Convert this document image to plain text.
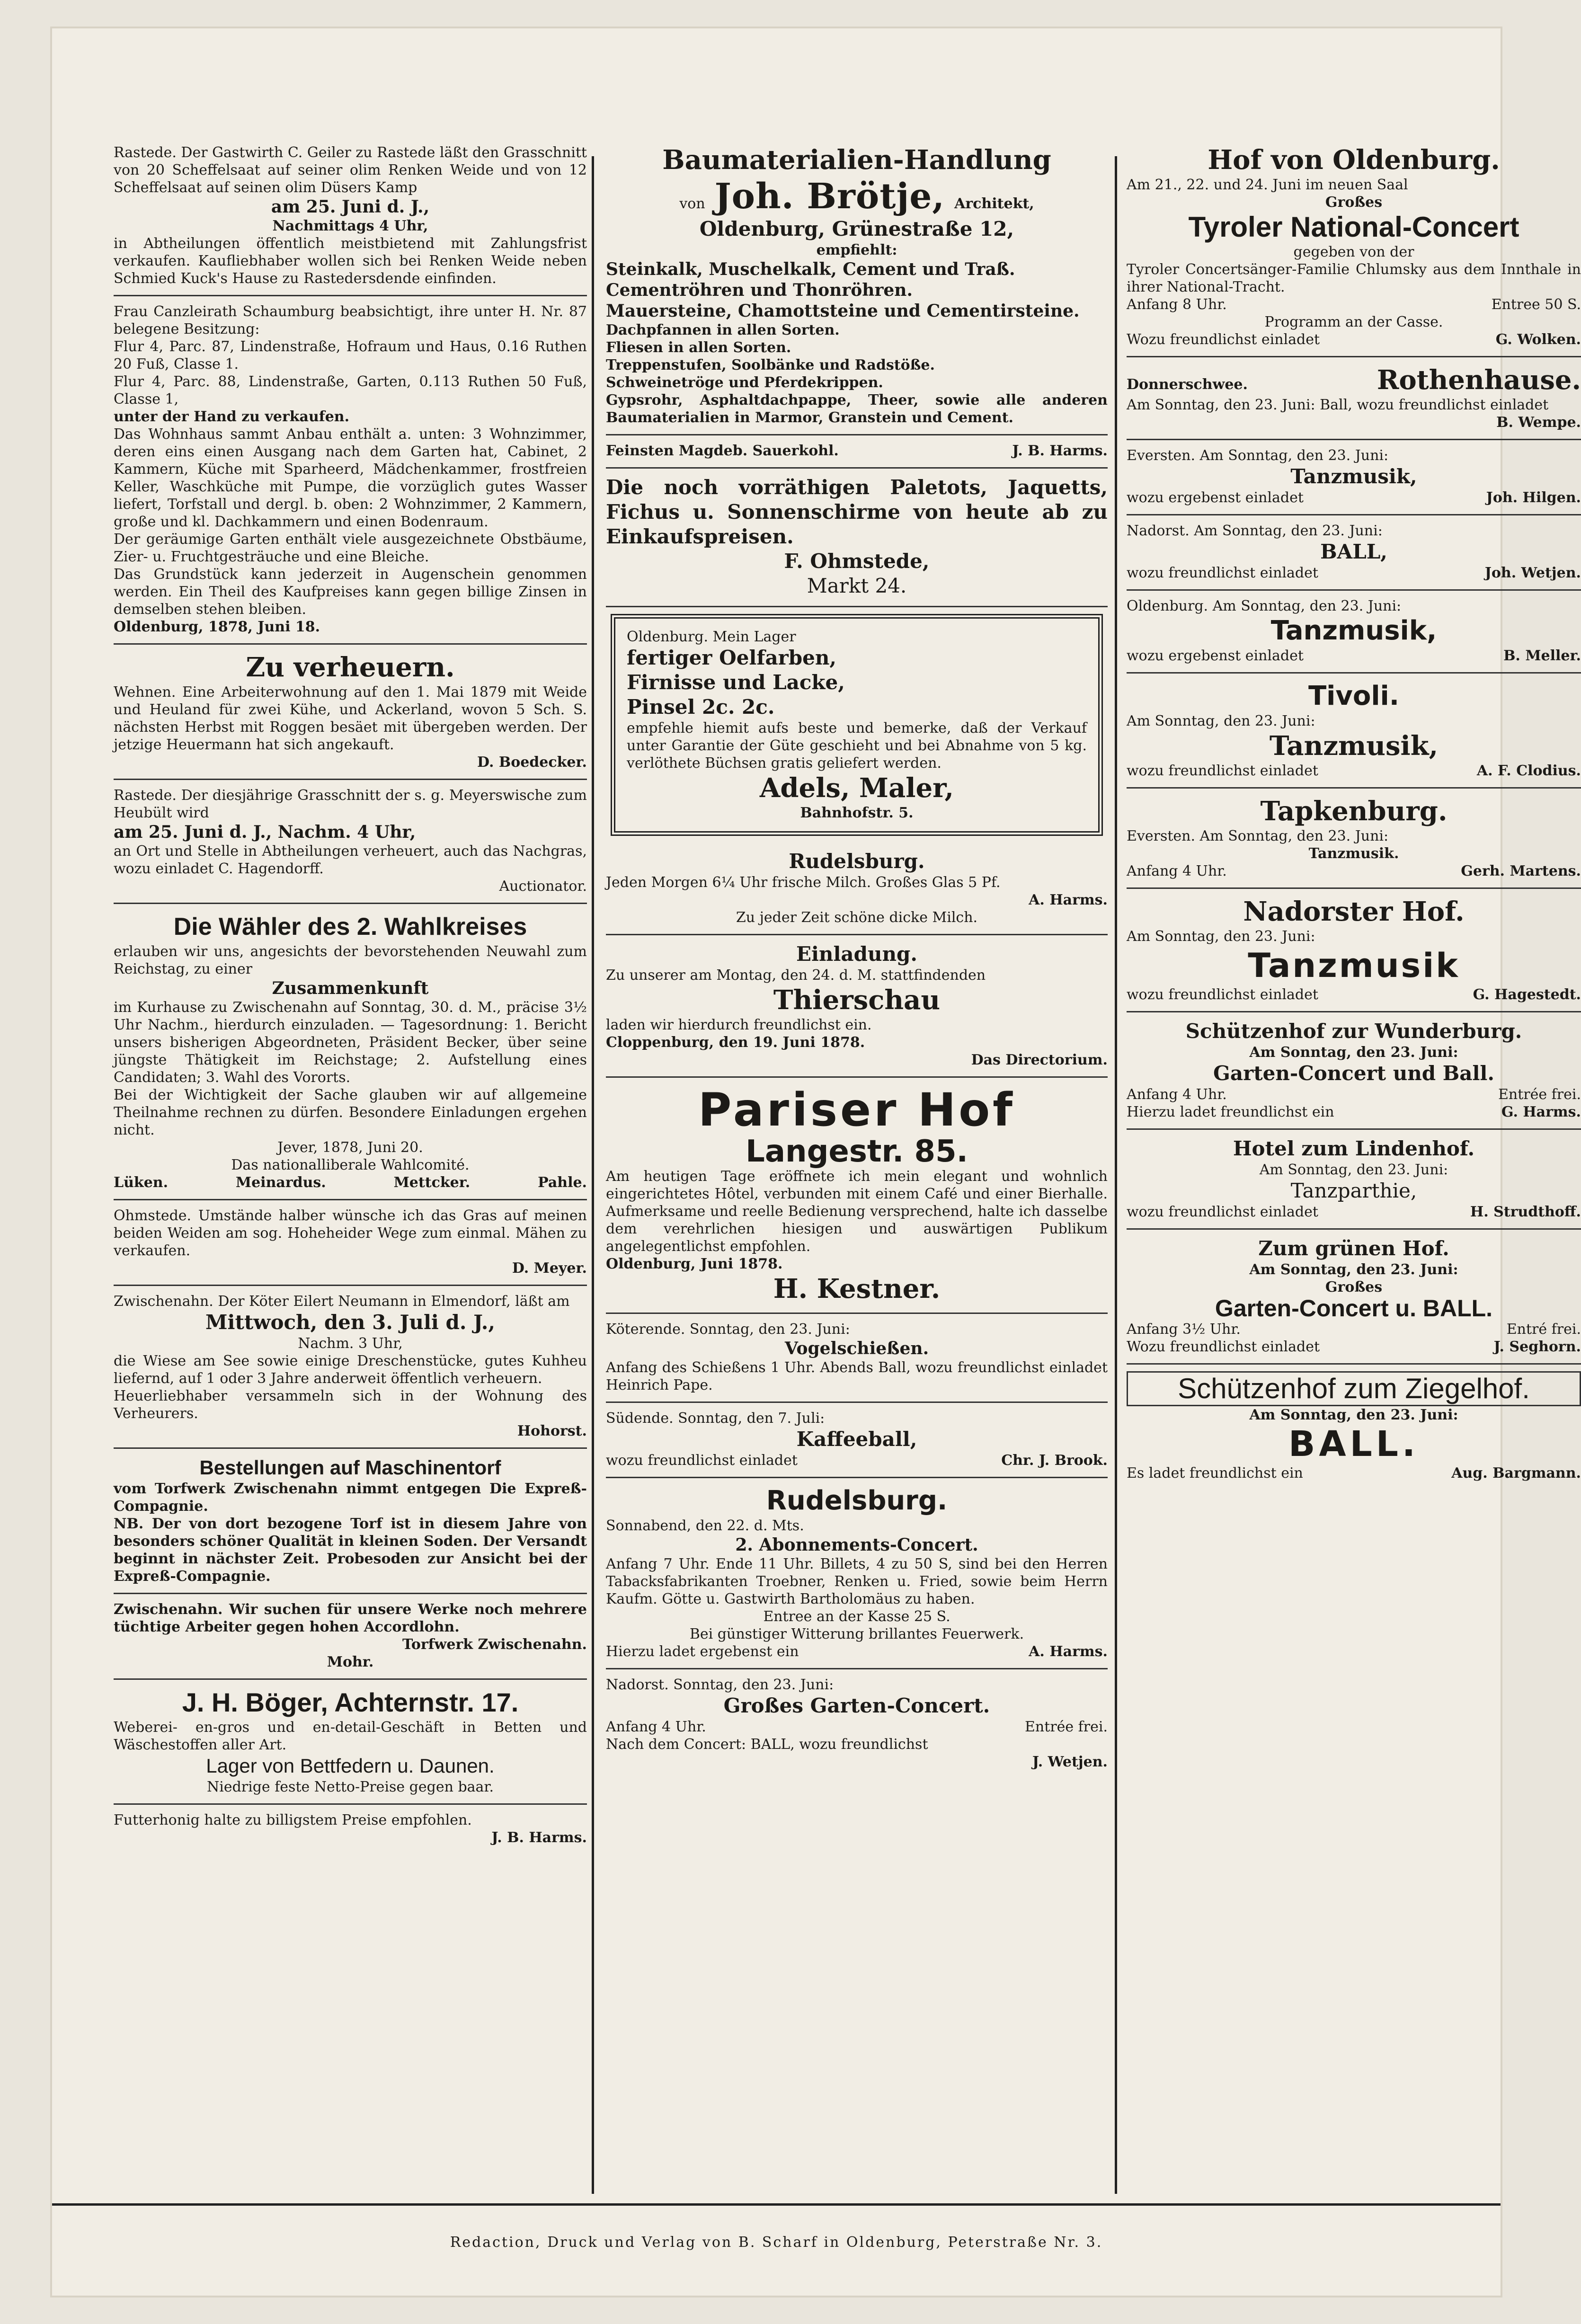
Rastede. Der Gastwirth C. Geiler zu Rastede läßt den Grasschnitt von 20 Scheffelsaat auf seiner olim Renken Weide und von 12 Scheffelsaat auf seinen olim Düsers Kamp

am 25. Juni d. J.,

Nachmittags 4 Uhr,

in Abtheilungen öffentlich meistbietend mit Zahlungsfrist verkaufen. Kaufliebhaber wollen sich bei Renken Weide neben Schmied Kuck's Hause zu Rastedersdende einfinden.

Frau Canzleirath Schaumburg beabsichtigt, ihre unter H. Nr. 87 belegene Besitzung:

Flur 4, Parc. 87, Lindenstraße, Hofraum und Haus, 0.16 Ruthen 20 Fuß, Classe 1.

Flur 4, Parc. 88, Lindenstraße, Garten, 0.113 Ruthen 50 Fuß, Classe 1,

unter der Hand zu verkaufen.

Das Wohnhaus sammt Anbau enthält a. unten: 3 Wohnzimmer, deren eins einen Ausgang nach dem Garten hat, Cabinet, 2 Kammern, Küche mit Sparheerd, Mädchenkammer, frostfreien Keller, Waschküche mit Pumpe, die vorzüglich gutes Wasser liefert, Torfstall und dergl. b. oben: 2 Wohnzimmer, 2 Kammern, große und kl. Dachkammern und einen Bodenraum.

Der geräumige Garten enthält viele ausgezeichnete Obstbäume, Zier- u. Fruchtgesträuche und eine Bleiche.

Das Grundstück kann jederzeit in Augenschein genommen werden. Ein Theil des Kaufpreises kann gegen billige Zinsen in demselben stehen bleiben.

Oldenburg, 1878, Juni 18.

Zu verheuern.

Wehnen. Eine Arbeiterwohnung auf den 1. Mai 1879 mit Weide und Heuland für zwei Kühe, und Ackerland, wovon 5 Sch. S. nächsten Herbst mit Roggen besäet mit übergeben werden. Der jetzige Heuermann hat sich angekauft.

D. Boedecker.

Rastede. Der diesjährige Grasschnitt der s. g. Meyerswische zum Heubült wird

am 25. Juni d. J., Nachm. 4 Uhr,

an Ort und Stelle in Abtheilungen verheuert, auch das Nachgras, wozu einladet C. Hagendorff.

Auctionator.

Die Wähler des 2. Wahlkreises

erlauben wir uns, angesichts der bevorstehenden Neuwahl zum Reichstag, zu einer

Zusammenkunft

im Kurhause zu Zwischenahn auf Sonntag, 30. d. M., präcise 3½ Uhr Nachm., hierdurch einzuladen. — Tagesordnung: 1. Bericht unsers bisherigen Abgeordneten, Präsident Becker, über seine jüngste Thätigkeit im Reichstage; 2. Aufstellung eines Candidaten; 3. Wahl des Vororts.

Bei der Wichtigkeit der Sache glauben wir auf allgemeine Theilnahme rechnen zu dürfen. Besondere Einladungen ergehen nicht.

Jever, 1878, Juni 20.

Das nationalliberale Wahlcomité.

Lüken.	Meinardus.	Mettcker.	Pahle.

Ohmstede. Umstände halber wünsche ich das Gras auf meinen beiden Weiden am sog. Hoheheider Wege zum einmal. Mähen zu verkaufen.

D. Meyer.

Zwischenahn. Der Köter Eilert Neumann in Elmendorf, läßt am

Mittwoch, den 3. Juli d. J.,

Nachm. 3 Uhr,

die Wiese am See sowie einige Dreschenstücke, gutes Kuhheu liefernd, auf 1 oder 3 Jahre anderweit öffentlich verheuern.

Heuerliebhaber versammeln sich in der Wohnung des Verheurers.

Hohorst.

Bestellungen auf Maschinentorf

vom Torfwerk Zwischenahn nimmt entgegen Die Expreß-Compagnie.

NB. Der von dort bezogene Torf ist in diesem Jahre von besonders schöner Qualität in kleinen Soden. Der Versandt beginnt in nächster Zeit. Probesoden zur Ansicht bei der Expreß-Compagnie.

Zwischenahn. Wir suchen für unsere Werke noch mehrere tüchtige Arbeiter gegen hohen Accordlohn.

Torfwerk Zwischenahn.

Mohr.

J. H. Böger, Achternstr. 17.

Weberei- en-gros und en-detail-Geschäft in Betten und Wäschestoffen aller Art.

Lager von Bettfedern u. Daunen.

Niedrige feste Netto-Preise gegen baar.

Futterhonig halte zu billigstem Preise empfohlen.

J. B. Harms.

Baumaterialien-Handlung

von Joh. Brötje, Architekt,

Oldenburg, Grünestraße 12,

empfiehlt:

Steinkalk, Muschelkalk, Cement und Traß.

Cementröhren und Thonröhren.

Mauersteine, Chamottsteine und Cementirsteine.

Dachpfannen in allen Sorten.

Fliesen in allen Sorten.

Treppenstufen, Soolbänke und Radstöße.

Schweinetröge und Pferdekrippen.

Gypsrohr, Asphaltdachpappe, Theer, sowie alle anderen Baumaterialien in Marmor, Granstein und Cement.

Feinsten Magdeb. Sauerkohl.	J. B. Harms.

Die noch vorräthigen Paletots, Jaquetts, Fichus u. Sonnenschirme von heute ab zu Einkaufspreisen.

F. Ohmstede,

Markt 24.

Oldenburg. Mein Lager

fertiger Oelfarben,

Firnisse und Lacke,

Pinsel 2c. 2c.

empfehle hiemit aufs beste und bemerke, daß der Verkauf unter Garantie der Güte geschieht und bei Abnahme von 5 kg. verlöthete Büchsen gratis geliefert werden.

Adels, Maler,

Bahnhofstr. 5.

Rudelsburg.

Jeden Morgen 6¼ Uhr frische Milch. Großes Glas 5 Pf.

A. Harms.

Zu jeder Zeit schöne dicke Milch.

Einladung.

Zu unserer am Montag, den 24. d. M. stattfindenden

Thierschau

laden wir hierdurch freundlichst ein.

Cloppenburg, den 19. Juni 1878.

Das Directorium.

Pariser Hof

Langestr. 85.

Am heutigen Tage eröffnete ich mein elegant und wohnlich eingerichtetes Hôtel, verbunden mit einem Café und einer Bierhalle. Aufmerksame und reelle Bedienung versprechend, halte ich dasselbe dem verehrlichen hiesigen und auswärtigen Publikum angelegentlichst empfohlen.

Oldenburg, Juni 1878.

H. Kestner.

Köterende. Sonntag, den 23. Juni:

Vogelschießen.

Anfang des Schießens 1 Uhr. Abends Ball, wozu freundlichst einladet Heinrich Pape.

Südende. Sonntag, den 7. Juli:

Kaffeeball,

wozu freundlichst einladet	Chr. J. Brook.

Rudelsburg.

Sonnabend, den 22. d. Mts.

2. Abonnements-Concert.

Anfang 7 Uhr. Ende 11 Uhr. Billets, 4 zu 50 S, sind bei den Herren Tabacksfabrikanten Troebner, Renken u. Fried, sowie beim Herrn Kaufm. Götte u. Gastwirth Bartholomäus zu haben.

Entree an der Kasse 25 S.

Bei günstiger Witterung brillantes Feuerwerk.

Hierzu ladet ergebenst ein	A. Harms.

Nadorst. Sonntag, den 23. Juni:

Großes Garten-Concert.

Anfang 4 Uhr.	Entrée frei.

Nach dem Concert: BALL, wozu freundlichst

J. Wetjen.

Hof von Oldenburg.

Am 21., 22. und 24. Juni im neuen Saal

Großes

Tyroler National-Concert

gegeben von der

Tyroler Concertsänger-Familie Chlumsky aus dem Innthale in ihrer National-Tracht.

Anfang 8 Uhr.	Entree 50 S.

Programm an der Casse.

Wozu freundlichst einladet	G. Wolken.
Donnerschwee.	Rothenhause.

Am Sonntag, den 23. Juni: Ball, wozu freundlichst einladet

B. Wempe.

Eversten. Am Sonntag, den 23. Juni:

Tanzmusik,

wozu ergebenst einladet	Joh. Hilgen.

Nadorst. Am Sonntag, den 23. Juni:

BALL,

wozu freundlichst einladet	Joh. Wetjen.

Oldenburg. Am Sonntag, den 23. Juni:

Tanzmusik,

wozu ergebenst einladet	B. Meller.

Tivoli.

Am Sonntag, den 23. Juni:

Tanzmusik,

wozu freundlichst einladet	A. F. Clodius.

Tapkenburg.

Eversten. Am Sonntag, den 23. Juni:

Tanzmusik.

Anfang 4 Uhr.	Gerh. Martens.

Nadorster Hof.

Am Sonntag, den 23. Juni:

Tanzmusik

wozu freundlichst einladet	G. Hagestedt.

Schützenhof zur Wunderburg.

Am Sonntag, den 23. Juni:

Garten-Concert und Ball.

Anfang 4 Uhr.	Entrée frei.
Hierzu ladet freundlichst ein	G. Harms.

Hotel zum Lindenhof.

Am Sonntag, den 23. Juni:

Tanzparthie,

wozu freundlichst einladet	H. Strudthoff.

Zum grünen Hof.

Am Sonntag, den 23. Juni:

Großes

Garten-Concert u. BALL.

Anfang 3½ Uhr.	Entré frei.
Wozu freundlichst einladet	J. Seghorn.

Schützenhof zum Ziegelhof.

Am Sonntag, den 23. Juni:

BALL.

Es ladet freundlichst ein	Aug. Bargmann.
Redaction, Druck und Verlag von B. Scharf in Oldenburg, Peterstraße Nr. 3.
